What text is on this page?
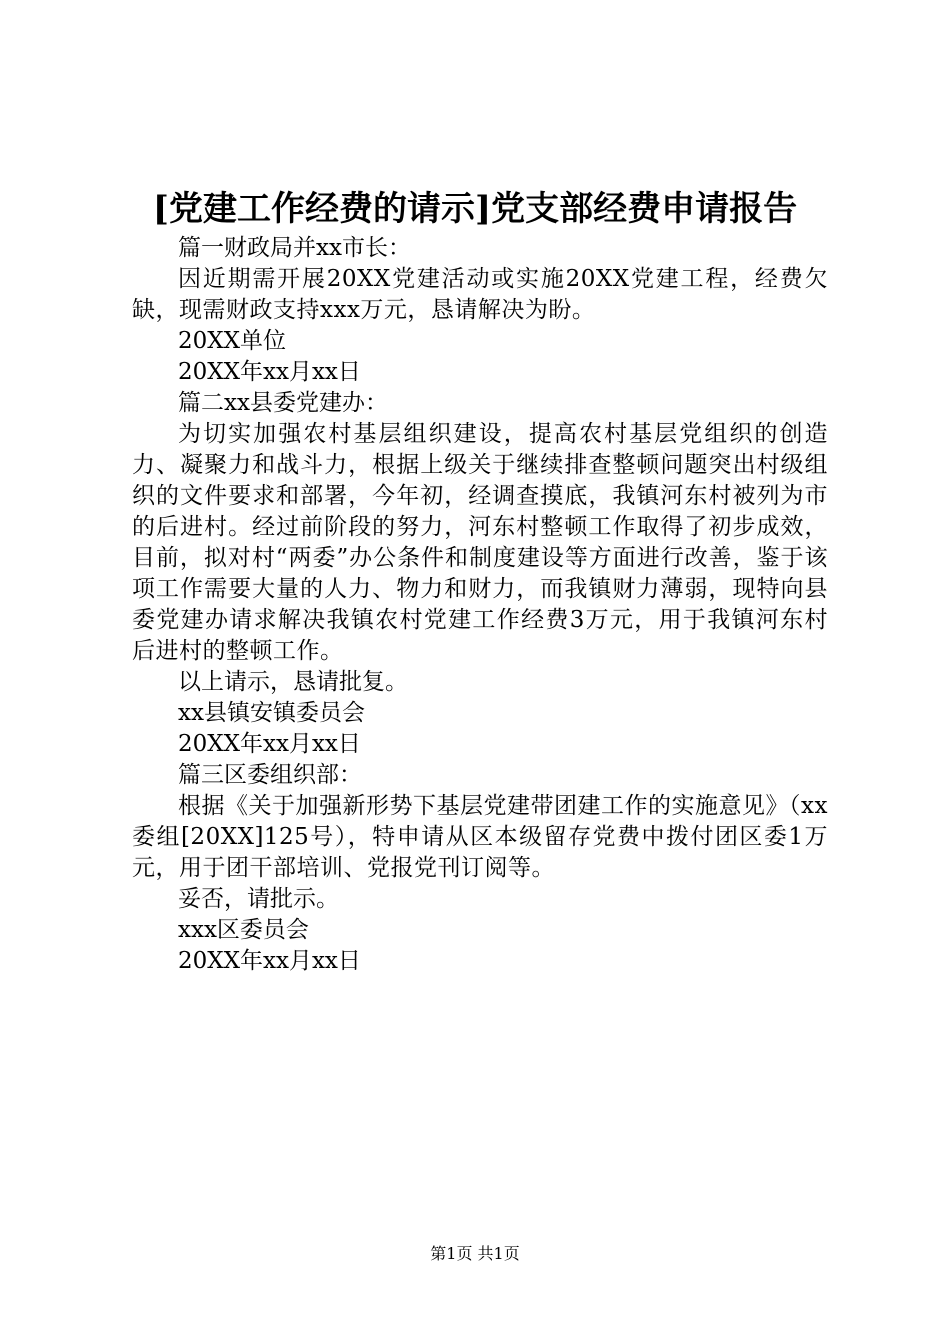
[党建工作经费的请示]党支部经费申请报告

篇一财政局并xx市长：

因近期需开展20XX党建活动或实施20XX党建工程，经费欠缺，现需财政支持xxx万元，恳请解决为盼。

20XX单位

20XX年xx月xx日

篇二xx县委党建办：

为切实加强农村基层组织建设，提高农村基层党组织的创造力、凝聚力和战斗力，根据上级关于继续排查整顿问题突出村级组织的文件要求和部署，今年初，经调查摸底，我镇河东村被列为市的后进村。经过前阶段的努力，河东村整顿工作取得了初步成效，目前，拟对村“两委”办公条件和制度建设等方面进行改善，鉴于该项工作需要大量的人力、物力和财力，而我镇财力薄弱，现特向县委党建办请求解决我镇农村党建工作经费3万元，用于我镇河东村后进村的整顿工作。

以上请示，恳请批复。

xx县镇安镇委员会

20XX年xx月xx日

篇三区委组织部：

根据《关于加强新形势下基层党建带团建工作的实施意见》（xx委组[20XX]125号），特申请从区本级留存党费中拨付团区委1万元，用于团干部培训、党报党刊订阅等。

妥否，请批示。

xxx区委员会

20XX年xx月xx日

第1页 共1页
